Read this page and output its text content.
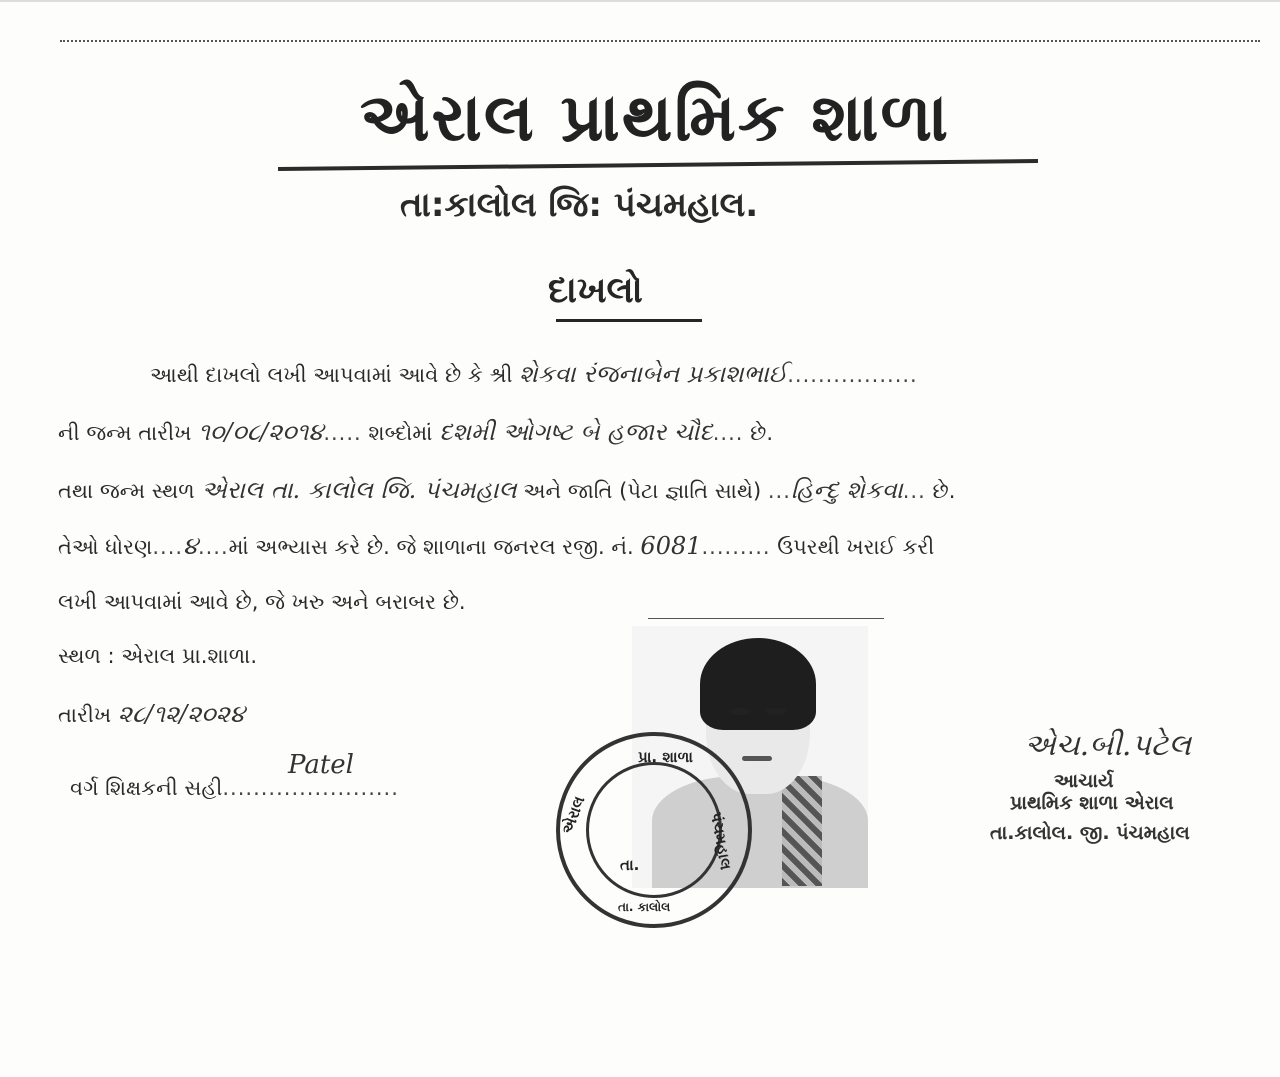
એરાલ પ્રાથમિક શાળા
તા:કાલોલ જિ: પંચમહાલ.
દાખલો
આથી દાખલો લખી આપવામાં આવે છે કે શ્રી શેકવા રંજનાબેન પ્રકાશભાઈ.................
ની જન્મ તારીખ ૧૦/૦૮/૨૦૧૪..... શબ્દોમાં દશમી ઓગષ્ટ બે હજાર ચૌદ.... છે.
તથા જન્મ સ્થળ એરાલ તા. કાલોલ જિ. પંચમહાલ અને જાતિ (પેટા જ્ઞાતિ સાથે) ...હિન્દુ શેકવા... છે.
તેઓ ધોરણ....૪....માં અભ્યાસ કરે છે. જે શાળાના જનરલ રજી. નં. 6081......... ઉપરથી ખરાઈ કરી
લખી આપવામાં આવે છે, જે ખરુ અને બરાબર છે.
સ્થળ : એરાલ પ્રા.શાળા.
તારીખ ૨૮/૧૨/૨૦૨૪
વર્ગ શિક્ષકની સહી.......................
Patel	પ્રા. શાળા
એરાલ
તા.
તા. કાલોલ
પંચમહાલ
એચ.બી.પટેલ
આચાર્ય
પ્રાથમિક શાળા એરાલ
તા.કાલોલ. જી. પંચમહાલ
